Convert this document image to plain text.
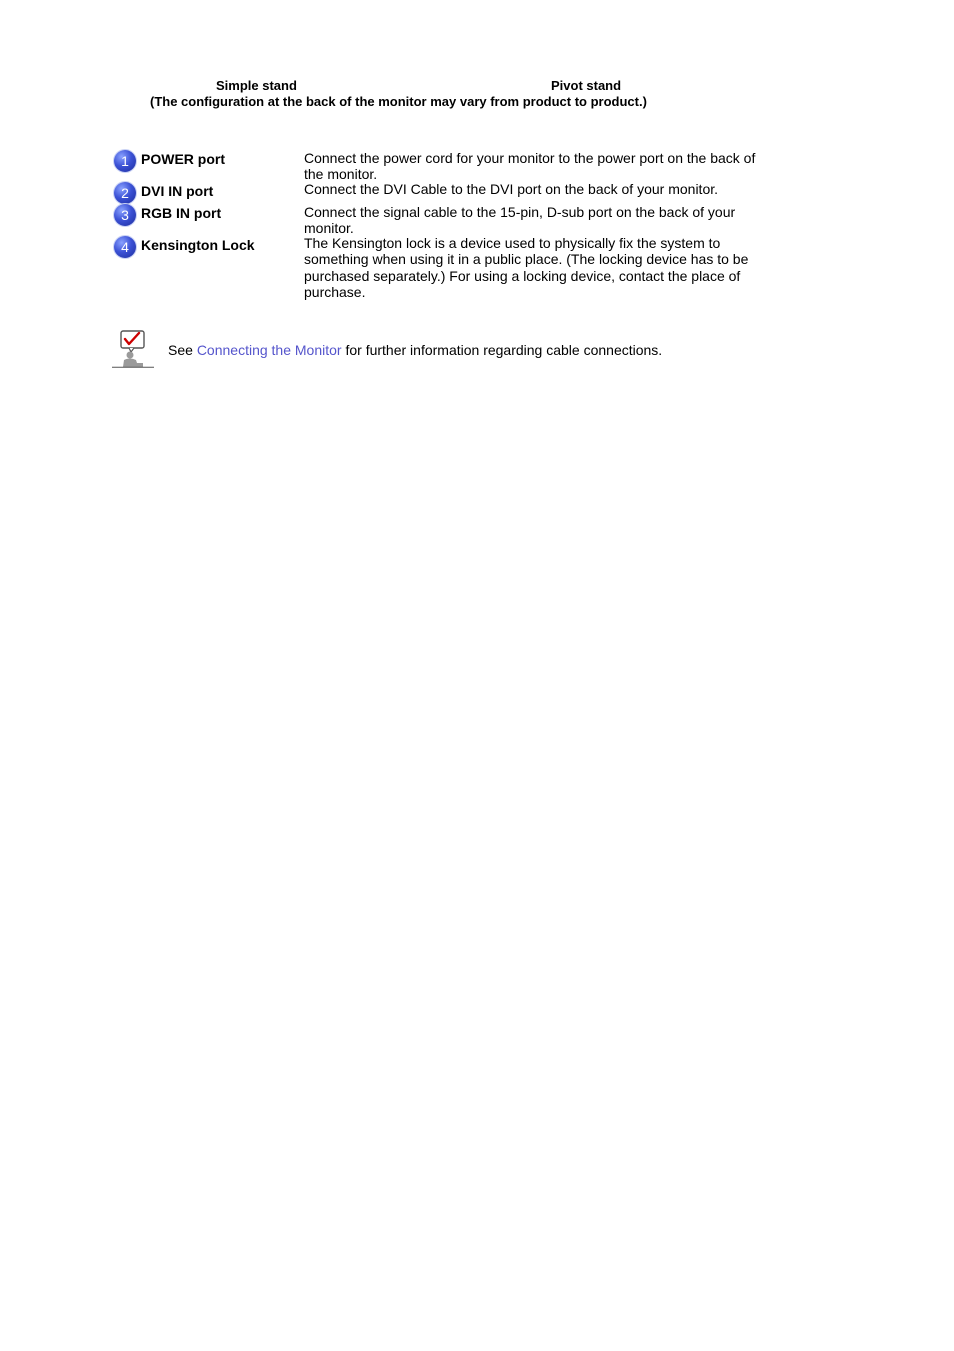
Simple stand	Pivot stand
(The configuration at the back of the monitor may vary from product to product.)
1 POWER port	Connect the power cord for your monitor to the power port on the back of the monitor.
2 DVI IN port	Connect the DVI Cable to the DVI port on the back of your monitor.
3 RGB IN port	Connect the signal cable to the 15-pin, D-sub port on the back of your monitor.
4 Kensington Lock	The Kensington lock is a device used to physically fix the system to something when using it in a public place. (The locking device has to be purchased separately.) For using a locking device, contact the place of purchase.
See Connecting the Monitor for further information regarding cable connections.
